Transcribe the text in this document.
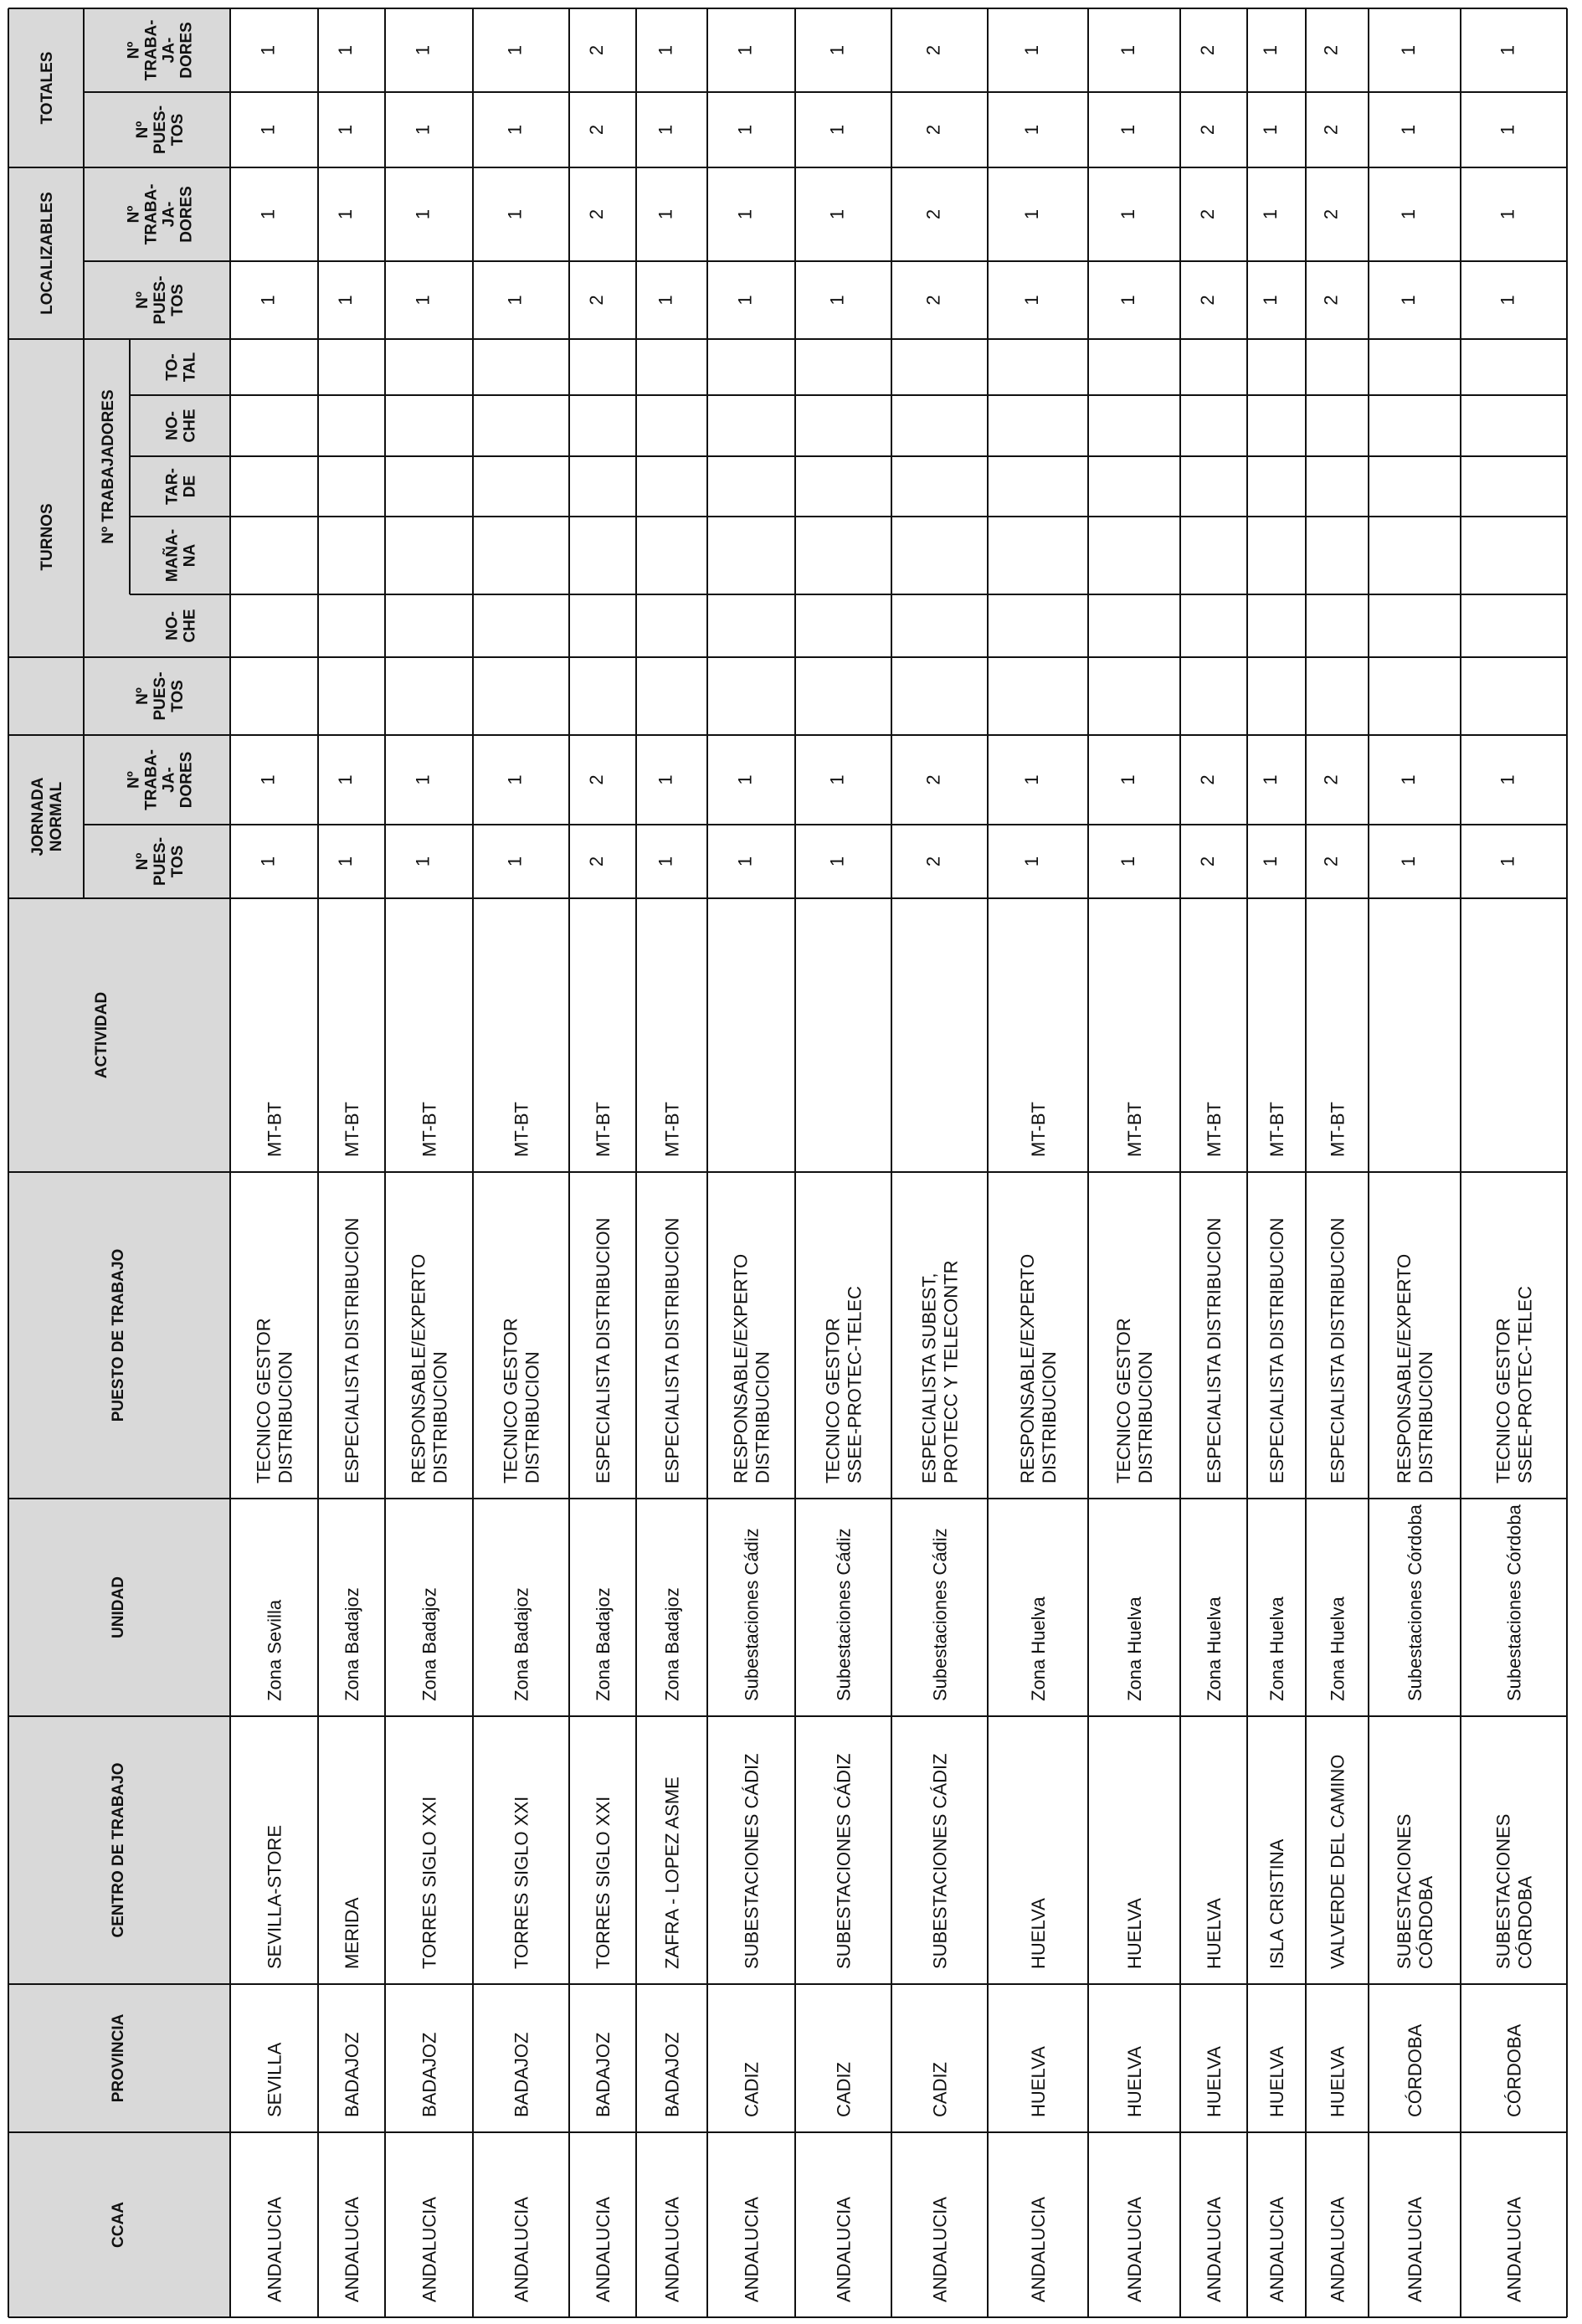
CCAA
PROVINCIA
CENTRO DE TRABAJO
UNIDAD
PUESTO DE TRABAJO
ACTIVIDAD
JORNADANORMAL
TURNOS	Nº TRABAJADORES
LOCALIZABLES
TOTALES
NºPUES-TOS
NºTRABA-JA-DORES
NºPUES-TOS
NO-CHE
MAÑA-NA
TAR-DE
NO-CHE
TO-TAL
NºPUES-TOS
NºTRABA-JA-DORES
NºPUES-TOS
NºTRABA-JA-DORES
ANDALUCIA
SEVILLA
SEVILLA-STORE
Zona Sevilla
TECNICO GESTORDISTRIBUCION
MT-BT
1
1
1
1
1
1
ANDALUCIA
BADAJOZ
MERIDA
Zona Badajoz
ESPECIALISTA DISTRIBUCION
MT-BT
1
1
1
1
1
1
ANDALUCIA
BADAJOZ
TORRES SIGLO XXI
Zona Badajoz
RESPONSABLE/EXPERTODISTRIBUCION
MT-BT
1
1
1
1
1
1
ANDALUCIA
BADAJOZ
TORRES SIGLO XXI
Zona Badajoz
TECNICO GESTORDISTRIBUCION
MT-BT
1
1
1
1
1
1
ANDALUCIA
BADAJOZ
TORRES SIGLO XXI
Zona Badajoz
ESPECIALISTA DISTRIBUCION
MT-BT
2
2
2
2
2
2
ANDALUCIA
BADAJOZ
ZAFRA - LOPEZ ASME
Zona Badajoz
ESPECIALISTA DISTRIBUCION
MT-BT
1
1
1
1
1
1
ANDALUCIA
CADIZ
SUBESTACIONES CÁDIZ
Subestaciones Cádiz
RESPONSABLE/EXPERTODISTRIBUCION
1
1
1
1
1
1
ANDALUCIA
CADIZ
SUBESTACIONES CÁDIZ
Subestaciones Cádiz
TECNICO GESTORSSEE-PROTEC-TELEC
1
1
1
1
1
1
ANDALUCIA
CADIZ
SUBESTACIONES CÁDIZ
Subestaciones Cádiz
ESPECIALISTA SUBEST,PROTECC Y TELECONTR
2
2
2
2
2
2
ANDALUCIA
HUELVA
HUELVA
Zona Huelva
RESPONSABLE/EXPERTODISTRIBUCION
MT-BT
1
1
1
1
1
1
ANDALUCIA
HUELVA
HUELVA
Zona Huelva
TECNICO GESTORDISTRIBUCION
MT-BT
1
1
1
1
1
1
ANDALUCIA
HUELVA
HUELVA
Zona Huelva
ESPECIALISTA DISTRIBUCION
MT-BT
2
2
2
2
2
2
ANDALUCIA
HUELVA
ISLA CRISTINA
Zona Huelva
ESPECIALISTA DISTRIBUCION
MT-BT
1
1
1
1
1
1
ANDALUCIA
HUELVA
VALVERDE DEL CAMINO
Zona Huelva
ESPECIALISTA DISTRIBUCION
MT-BT
2
2
2
2
2
2
ANDALUCIA
CÓRDOBA
SUBESTACIONESCÓRDOBA
Subestaciones Córdoba
RESPONSABLE/EXPERTODISTRIBUCION
1
1
1
1
1
1
ANDALUCIA
CÓRDOBA
SUBESTACIONESCÓRDOBA
Subestaciones Córdoba
TECNICO GESTORSSEE-PROTEC-TELEC
1
1
1
1
1
1
